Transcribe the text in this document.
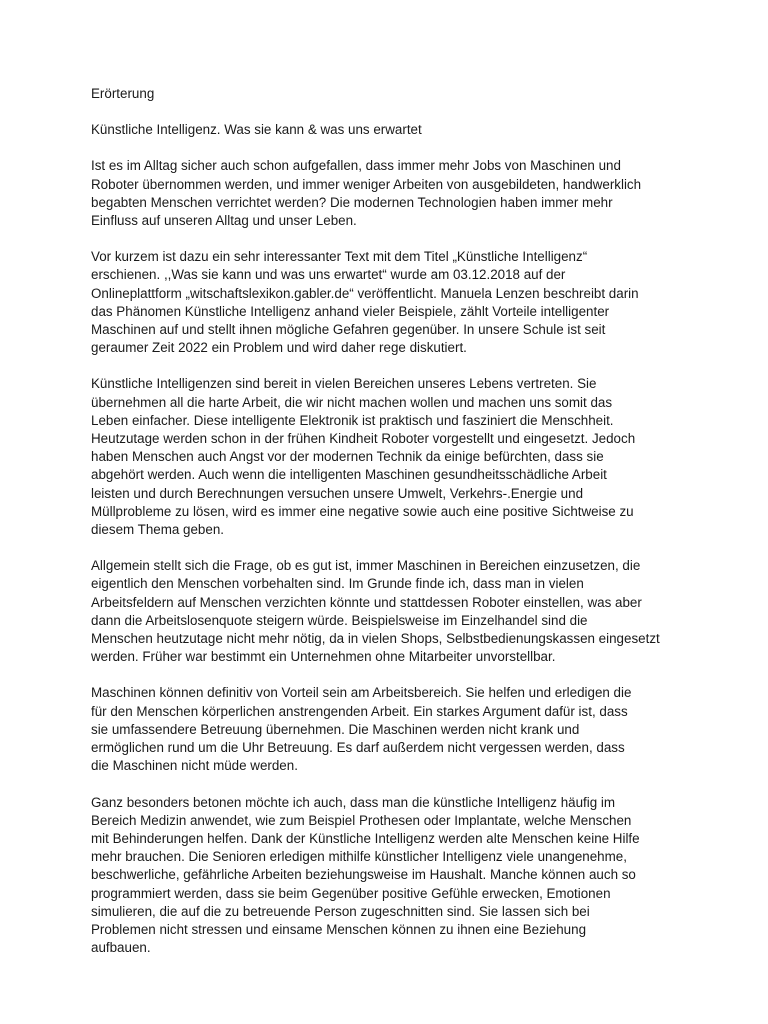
Erörterung
Künstliche Intelligenz. Was sie kann & was uns erwartet
Ist es im Alltag sicher auch schon aufgefallen, dass immer mehr Jobs von Maschinen und
Roboter übernommen werden, und immer weniger Arbeiten von ausgebildeten, handwerklich
begabten Menschen verrichtet werden? Die modernen Technologien haben immer mehr
Einfluss auf unseren Alltag und unser Leben.
Vor kurzem ist dazu ein sehr interessanter Text mit dem Titel „Künstliche Intelligenz“
erschienen. ,,Was sie kann und was uns erwartet“ wurde am 03.12.2018 auf der
Onlineplattform „witschaftslexikon.gabler.de“ veröffentlicht. Manuela Lenzen beschreibt darin
das Phänomen Künstliche Intelligenz anhand vieler Beispiele, zählt Vorteile intelligenter
Maschinen auf und stellt ihnen mögliche Gefahren gegenüber. In unsere Schule ist seit
geraumer Zeit 2022 ein Problem und wird daher rege diskutiert.
Künstliche Intelligenzen sind bereit in vielen Bereichen unseres Lebens vertreten. Sie
übernehmen all die harte Arbeit, die wir nicht machen wollen und machen uns somit das
Leben einfacher. Diese intelligente Elektronik ist praktisch und fasziniert die Menschheit.
Heutzutage werden schon in der frühen Kindheit Roboter vorgestellt und eingesetzt. Jedoch
haben Menschen auch Angst vor der modernen Technik da einige befürchten, dass sie
abgehört werden. Auch wenn die intelligenten Maschinen gesundheitsschädliche Arbeit
leisten und durch Berechnungen versuchen unsere Umwelt, Verkehrs-.Energie und
Müllprobleme zu lösen, wird es immer eine negative sowie auch eine positive Sichtweise zu
diesem Thema geben.
Allgemein stellt sich die Frage, ob es gut ist, immer Maschinen in Bereichen einzusetzen, die
eigentlich den Menschen vorbehalten sind. Im Grunde finde ich, dass man in vielen
Arbeitsfeldern auf Menschen verzichten könnte und stattdessen Roboter einstellen, was aber
dann die Arbeitslosenquote steigern würde. Beispielsweise im Einzelhandel sind die
Menschen heutzutage nicht mehr nötig, da in vielen Shops, Selbstbedienungskassen eingesetzt
werden. Früher war bestimmt ein Unternehmen ohne Mitarbeiter unvorstellbar.
Maschinen können definitiv von Vorteil sein am Arbeitsbereich. Sie helfen und erledigen die
für den Menschen körperlichen anstrengenden Arbeit. Ein starkes Argument dafür ist, dass
sie umfassendere Betreuung übernehmen. Die Maschinen werden nicht krank und
ermöglichen rund um die Uhr Betreuung. Es darf außerdem nicht vergessen werden, dass
die Maschinen nicht müde werden.
Ganz besonders betonen möchte ich auch, dass man die künstliche Intelligenz häufig im
Bereich Medizin anwendet, wie zum Beispiel Prothesen oder Implantate, welche Menschen
mit Behinderungen helfen. Dank der Künstliche Intelligenz werden alte Menschen keine Hilfe
mehr brauchen. Die Senioren erledigen mithilfe künstlicher Intelligenz viele unangenehme,
beschwerliche, gefährliche Arbeiten beziehungsweise im Haushalt. Manche können auch so
programmiert werden, dass sie beim Gegenüber positive Gefühle erwecken, Emotionen
simulieren, die auf die zu betreuende Person zugeschnitten sind. Sie lassen sich bei
Problemen nicht stressen und einsame Menschen können zu ihnen eine Beziehung
aufbauen.
